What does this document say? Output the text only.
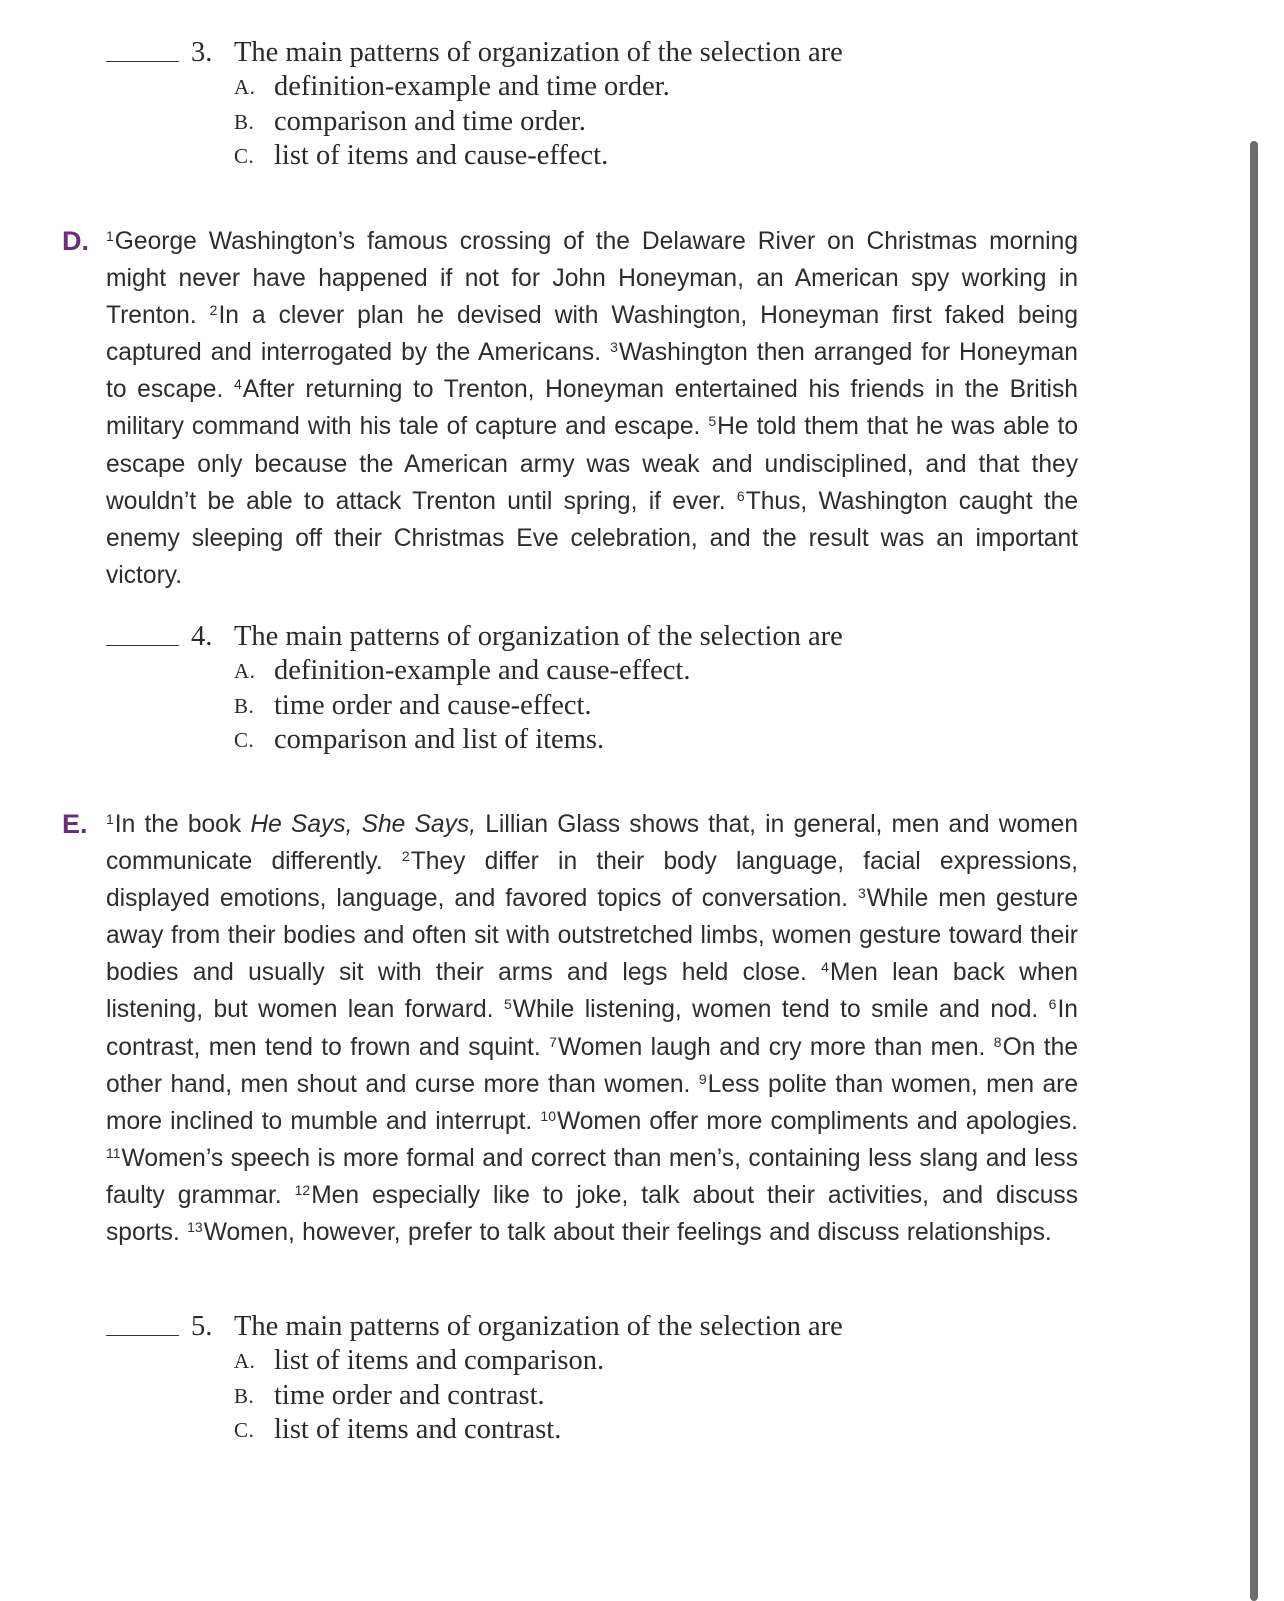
3. The main patterns of organization of the selection are
A. definition-example and time order.
B. comparison and time order.
C. list of items and cause-effect.
D. $^1$George Washington’s famous crossing of the Delaware River on Christmas morning might never have happened if not for John Honeyman, an American spy working in Trenton. $^2$In a clever plan he devised with Washington, Honeyman first faked being captured and interrogated by the Americans. $^3$Washington then arranged for Honeyman to escape. $^4$After returning to Trenton, Honeyman entertained his friends in the British military command with his tale of capture and escape. $^5$He told them that he was able to escape only because the American army was weak and undisciplined, and that they wouldn’t be able to attack Trenton until spring, if ever. $^6$Thus, Washington caught the enemy sleeping off their Christmas Eve celebration, and the result was an important victory.
4. The main patterns of organization of the selection are
A. definition-example and cause-effect.
B. time order and cause-effect.
C. comparison and list of items.
E. $^1$In the book He Says, She Says, Lillian Glass shows that, in general, men and women communicate differently. $^2$They differ in their body language, facial expressions, displayed emotions, language, and favored topics of conversation. $^3$While men gesture away from their bodies and often sit with outstretched limbs, women gesture toward their bodies and usually sit with their arms and legs held close. $^4$Men lean back when listening, but women lean forward. $^5$While listening, women tend to smile and nod. $^6$In contrast, men tend to frown and squint. $^7$Women laugh and cry more than men. $^8$On the other hand, men shout and curse more than women. $^9$Less polite than women, men are more inclined to mumble and interrupt. $^{10}$Women offer more compliments and apologies. $^{11}$Women’s speech is more formal and correct than men’s, containing less slang and less faulty grammar. $^{12}$Men especially like to joke, talk about their activities, and discuss sports. $^{13}$Women, however, prefer to talk about their feelings and discuss relationships.
5. The main patterns of organization of the selection are
A. list of items and comparison.
B. time order and contrast.
C. list of items and contrast.
